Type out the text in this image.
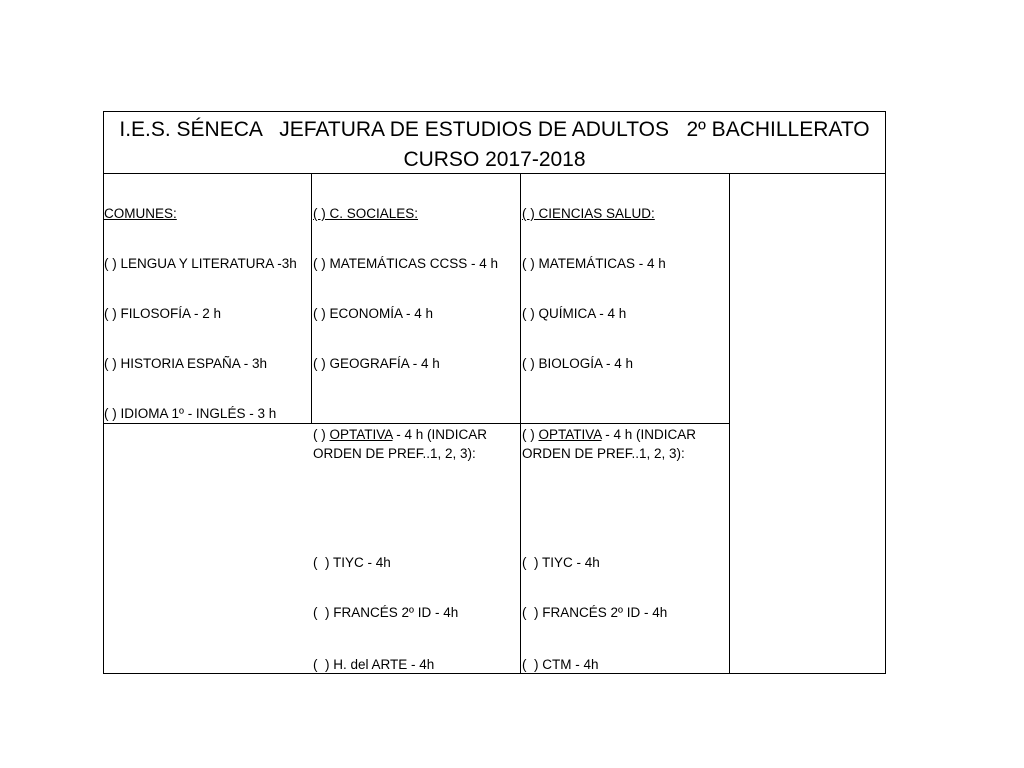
I.E.S. SÉNECA   JEFATURA DE ESTUDIOS DE ADULTOS   2º BACHILLERATO
CURSO 2017-2018
COMUNES:
( ) LENGUA Y LITERATURA -3h
( ) FILOSOFÍA - 2 h
( ) HISTORIA ESPAÑA - 3h
( ) IDIOMA 1º - INGLÉS - 3 h
( ) C. SOCIALES:
( ) MATEMÁTICAS CCSS - 4 h
( ) ECONOMÍA - 4 h
( ) GEOGRAFÍA - 4 h
( ) OPTATIVA - 4 h (INDICAR
ORDEN DE PREF..1, 2, 3):
(  ) TIYC - 4h
(  ) FRANCÉS 2º ID - 4h
(  ) H. del ARTE - 4h
( ) CIENCIAS SALUD:
( ) MATEMÁTICAS - 4 h
( ) QUÍMICA - 4 h
( ) BIOLOGÍA - 4 h
( ) OPTATIVA - 4 h (INDICAR
ORDEN DE PREF..1, 2, 3):
(  ) TIYC - 4h
(  ) FRANCÉS 2º ID - 4h
(  ) CTM - 4h
